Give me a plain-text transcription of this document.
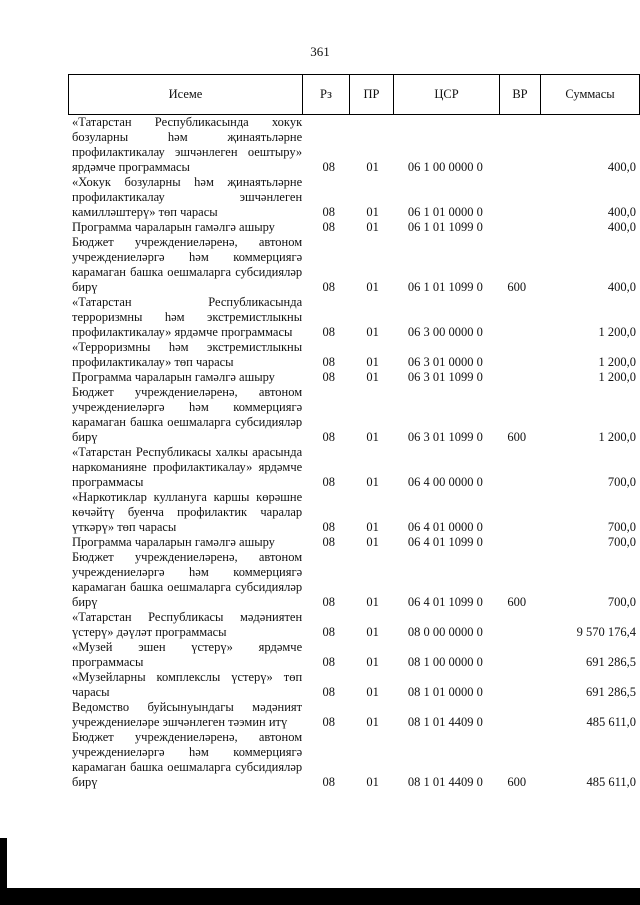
361
Исеме	Рз	ПР	ЦСР	ВР	Суммасы
«Татарстан Республикасында хокук бозуларны һәм җинаятьләрне профилактикалау эшчәнлеген оештыру» ярдәмче программасы	08	01	06 1 00 0000 0		400,0
«Хокук бозуларны һәм җинаятьләрне профилактикалау эшчәнлеген камилләштерү» төп чарасы	08	01	06 1 01 0000 0		400,0
Программа чараларын гамәлгә ашыру	08	01	06 1 01 1099 0		400,0
Бюджет учреждениеләренә, автоном учреждениеләргә һәм коммерциягә карамаган башка оешмаларга субсидияләр бирү	08	01	06 1 01 1099 0	600	400,0
«Татарстан Республикасында терроризмны һәм экстремистлыкны профилактикалау» ярдәмче программасы	08	01	06 3 00 0000 0		1 200,0
«Терроризмны һәм экстремистлыкны профилактикалау» төп чарасы	08	01	06 3 01 0000 0		1 200,0
Программа чараларын гамәлгә ашыру	08	01	06 3 01 1099 0		1 200,0
Бюджет учреждениеләренә, автоном учреждениеләргә һәм коммерциягә карамаган башка оешмаларга субсидияләр бирү	08	01	06 3 01 1099 0	600	1 200,0
«Татарстан Республикасы халкы арасында наркоманияне профилактикалау» ярдәмче программасы	08	01	06 4 00 0000 0		700,0
«Наркотиклар куллануга каршы көрәшне көчәйтү буенча профилактик чаралар үткәрү» төп чарасы	08	01	06 4 01 0000 0		700,0
Программа чараларын гамәлгә ашыру	08	01	06 4 01 1099 0		700,0
Бюджет учреждениеләренә, автоном учреждениеләргә һәм коммерциягә карамаган башка оешмаларга субсидияләр бирү	08	01	06 4 01 1099 0	600	700,0
«Татарстан Республикасы мәдәниятен үстерү» дәүләт программасы	08	01	08 0 00 0000 0		9 570 176,4
«Музей эшен үстерү» ярдәмче программасы	08	01	08 1 00 0000 0		691 286,5
«Музейларны комплекслы үстерү» төп чарасы	08	01	08 1 01 0000 0		691 286,5
Ведомство буйсынуындагы мәдәният учреждениеләре эшчәнлеген тәэмин итү	08	01	08 1 01 4409 0		485 611,0
Бюджет учреждениеләренә, автоном учреждениеләргә һәм коммерциягә карамаган башка оешмаларга субсидияләр бирү	08	01	08 1 01 4409 0	600	485 611,0
